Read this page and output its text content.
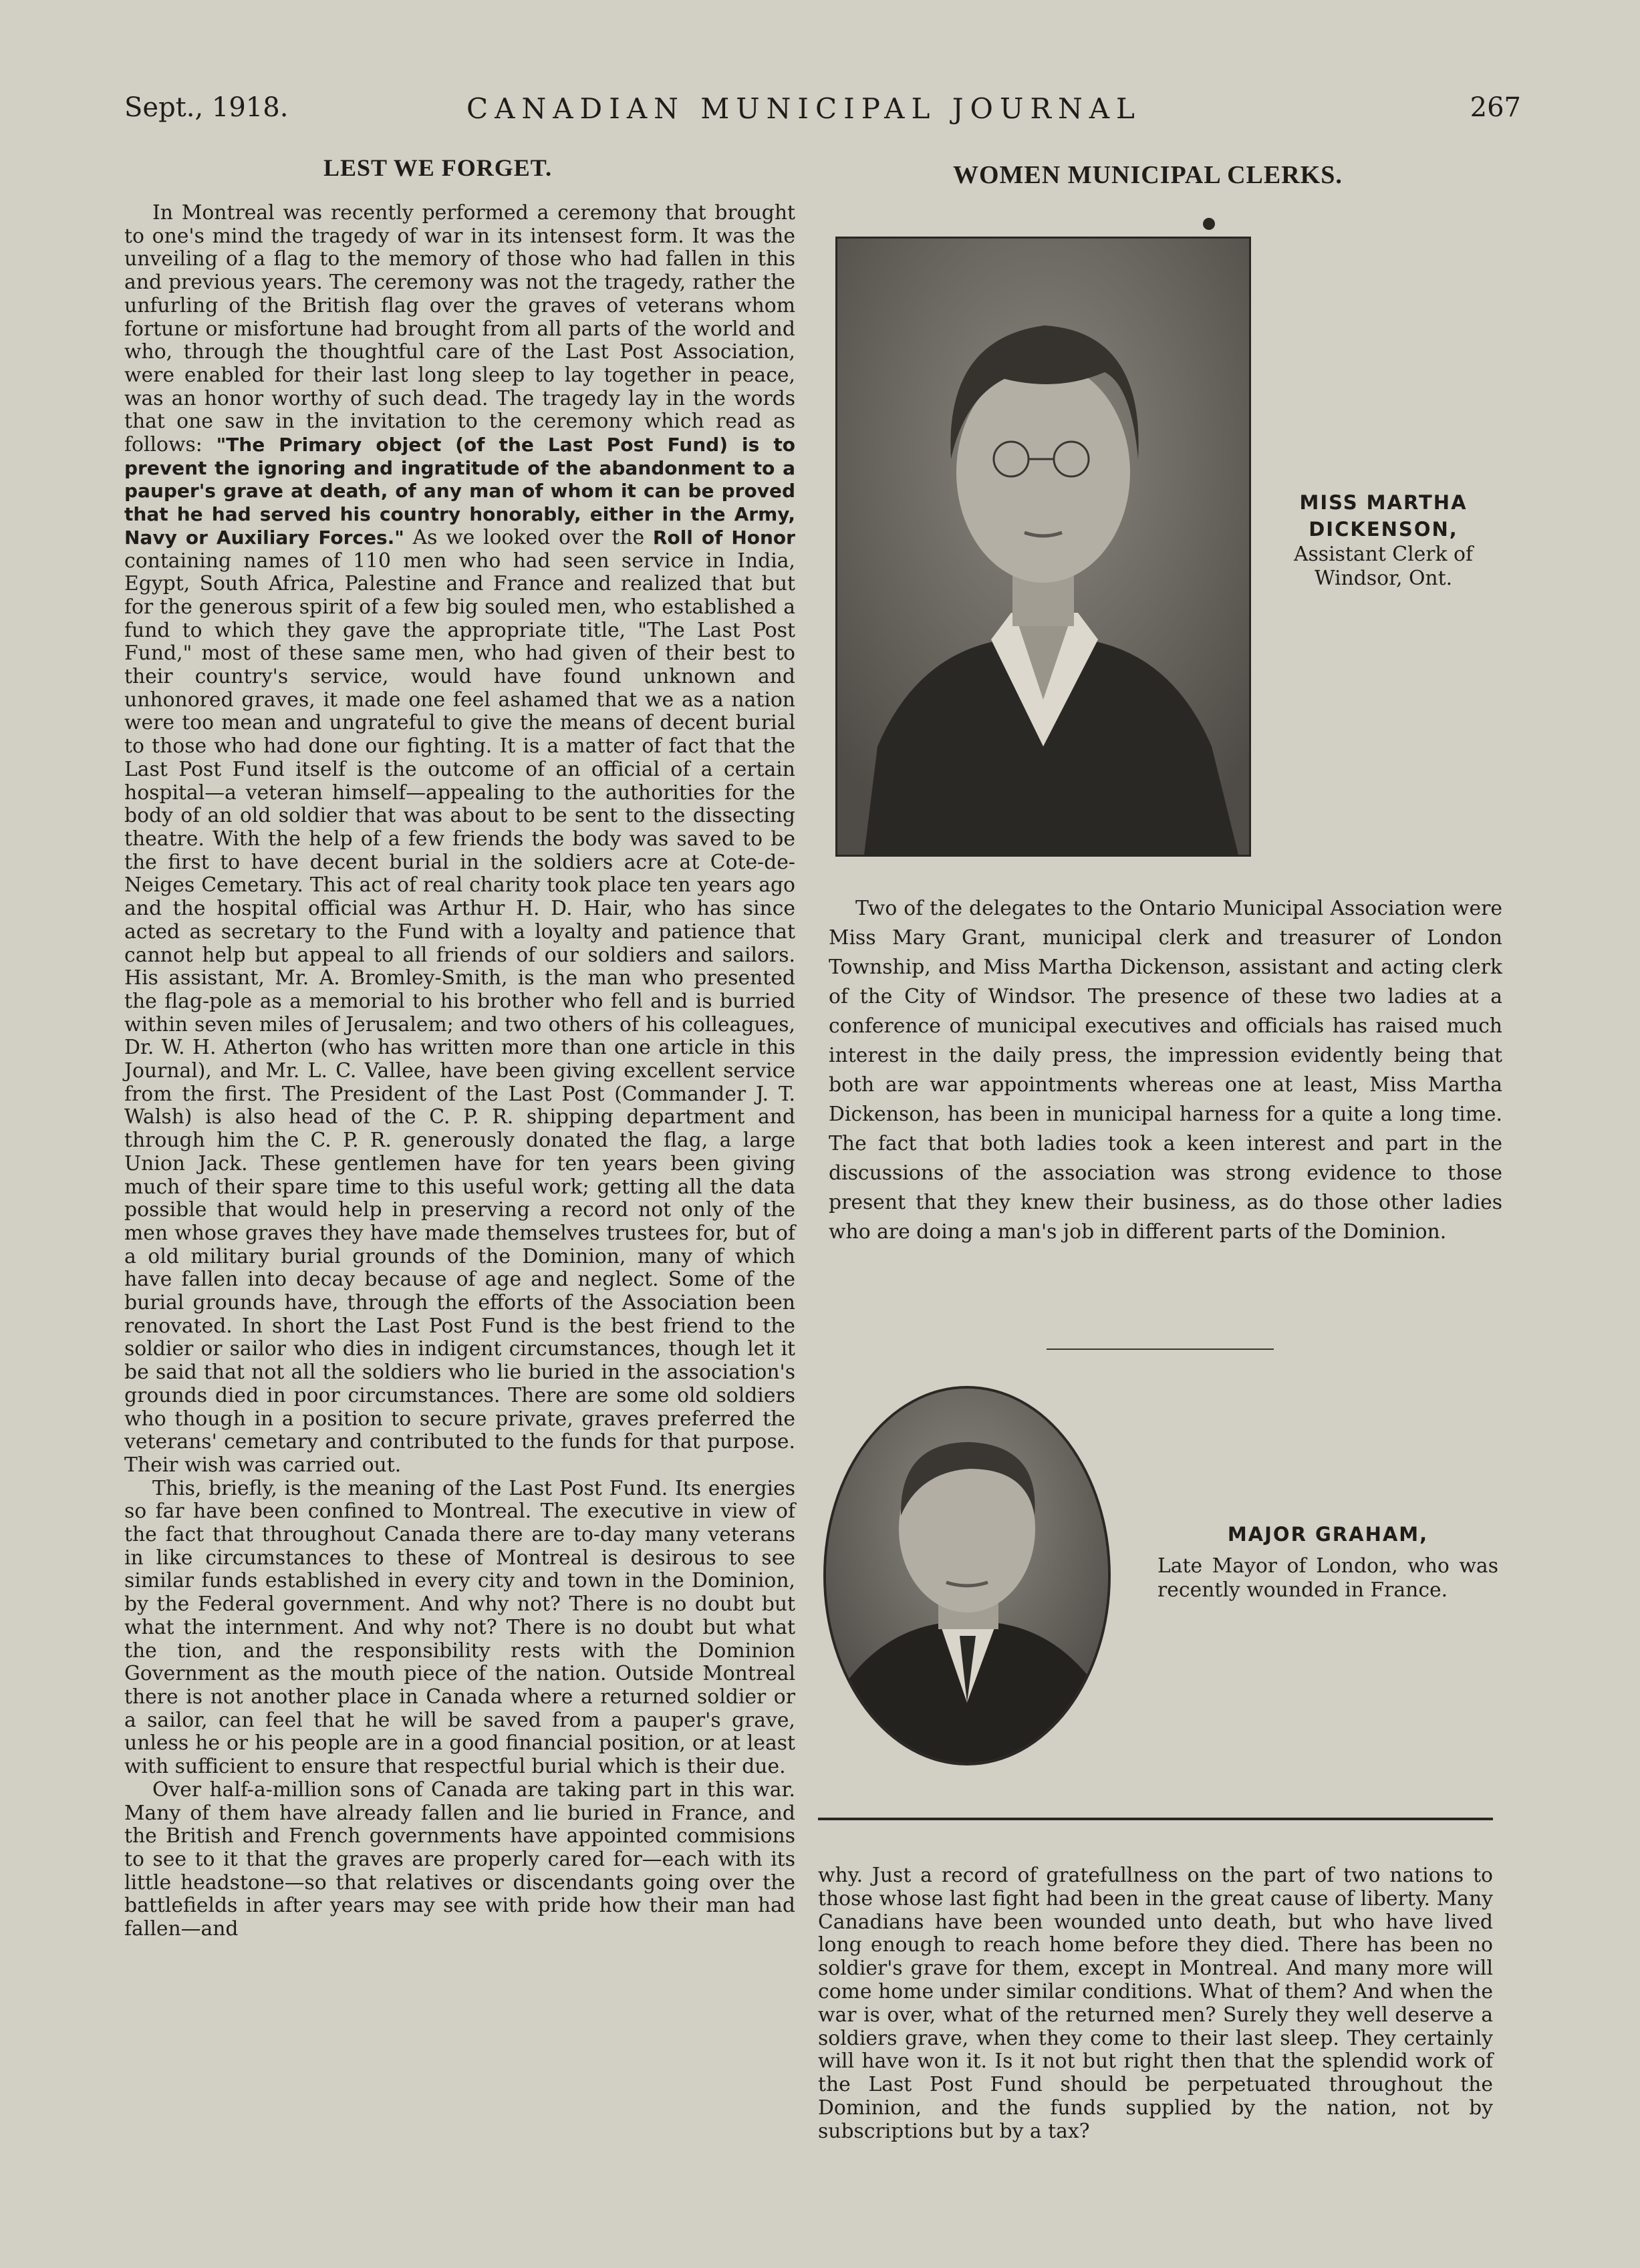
Sept., 1918.	CANADIAN MUNICIPAL JOURNAL	267
LEST WE FORGET.	WOMEN MUNICIPAL CLERKS.

In Montreal was recently performed a ceremony that brought to one's mind the tragedy of war in its intensest form. It was the unveiling of a flag to the memory of those who had fallen in this and previous years. The ceremony was not the tragedy, rather the unfurling of the British flag over the graves of veterans whom fortune or misfortune had brought from all parts of the world and who, through the thoughtful care of the Last Post Association, were enabled for their last long sleep to lay together in peace, was an honor worthy of such dead. The tragedy lay in the words that one saw in the invitation to the ceremony which read as follows: "The Primary object (of the Last Post Fund) is to prevent the ignoring and ingratitude of the abandonment to a pauper's grave at death, of any man of whom it can be proved that he had served his country honorably, either in the Army, Navy or Auxiliary Forces." As we looked over the Roll of Honor containing names of 110 men who had seen service in India, Egypt, South Africa, Palestine and France and realized that but for the generous spirit of a few big souled men, who established a fund to which they gave the appropriate title, "The Last Post Fund," most of these same men, who had given of their best to their country's service, would have found unknown and unhonored graves, it made one feel ashamed that we as a nation were too mean and ungrateful to give the means of decent burial to those who had done our fighting. It is a matter of fact that the Last Post Fund itself is the outcome of an official of a certain hospital—a veteran himself—appealing to the authorities for the body of an old soldier that was about to be sent to the dissecting theatre. With the help of a few friends the body was saved to be the first to have decent burial in the soldiers acre at Cote-de-Neiges Cemetary. This act of real charity took place ten years ago and the hospital official was Arthur H. D. Hair, who has since acted as secretary to the Fund with a loyalty and patience that cannot help but appeal to all friends of our soldiers and sailors. His assistant, Mr. A. Bromley-Smith, is the man who presented the flag-pole as a memorial to his brother who fell and is burried within seven miles of Jerusalem; and two others of his colleagues, Dr. W. H. Atherton (who has written more than one article in this Journal), and Mr. L. C. Vallee, have been giving excellent service from the first. The President of the Last Post (Commander J. T. Walsh) is also head of the C. P. R. shipping department and through him the C. P. R. generously donated the flag, a large Union Jack. These gentlemen have for ten years been giving much of their spare time to this useful work; getting all the data possible that would help in preserving a record not only of the men whose graves they have made themselves trustees for, but of a old military burial grounds of the Dominion, many of which have fallen into decay because of age and neglect. Some of the burial grounds have, through the efforts of the Association been renovated. In short the Last Post Fund is the best friend to the soldier or sailor who dies in indigent circumstances, though let it be said that not all the soldiers who lie buried in the association's grounds died in poor circumstances. There are some old soldiers who though in a position to secure private, graves preferred the veterans' cemetary and contributed to the funds for that purpose. Their wish was carried out.

This, briefly, is the meaning of the Last Post Fund. Its energies so far have been confined to Montreal. The executive in view of the fact that throughout Canada there are to-day many veterans in like circumstances to these of Montreal is desirous to see similar funds established in every city and town in the Dominion, by the Federal government. And why not? There is no doubt but what the internment. And why not? There is no doubt but what the tion, and the responsibility rests with the Dominion Government as the mouth piece of the nation. Outside Montreal there is not another place in Canada where a returned soldier or a sailor, can feel that he will be saved from a pauper's grave, unless he or his people are in a good financial position, or at least with sufficient to ensure that respectful burial which is their due.

Over half-a-million sons of Canada are taking part in this war. Many of them have already fallen and lie buried in France, and the British and French governments have appointed commisions to see to it that the graves are properly cared for—each with its little headstone—so that relatives or discendants going over the battlefields in after years may see with pride how their man had fallen—and

MISS MARTHA DICKENSON,
Assistant Clerk of Windsor, Ont.

Two of the delegates to the Ontario Municipal Association were Miss Mary Grant, municipal clerk and treasurer of London Township, and Miss Martha Dickenson, assistant and acting clerk of the City of Windsor. The presence of these two ladies at a conference of municipal executives and officials has raised much interest in the daily press, the impression evidently being that both are war appointments whereas one at least, Miss Martha Dickenson, has been in municipal harness for a quite a long time. The fact that both ladies took a keen interest and part in the discussions of the association was strong evidence to those present that they knew their business, as do those other ladies who are doing a man's job in different parts of the Dominion.

MAJOR GRAHAM,
Late Mayor of London, who was recently wounded in France.

why. Just a record of gratefullness on the part of two nations to those whose last fight had been in the great cause of liberty. Many Canadians have been wounded unto death, but who have lived long enough to reach home before they died. There has been no soldier's grave for them, except in Montreal. And many more will come home under similar conditions. What of them? And when the war is over, what of the returned men? Surely they well deserve a soldiers grave, when they come to their last sleep. They certainly will have won it. Is it not but right then that the splendid work of the Last Post Fund should be perpetuated throughout the Dominion, and the funds supplied by the nation, not by subscriptions but by a tax?
